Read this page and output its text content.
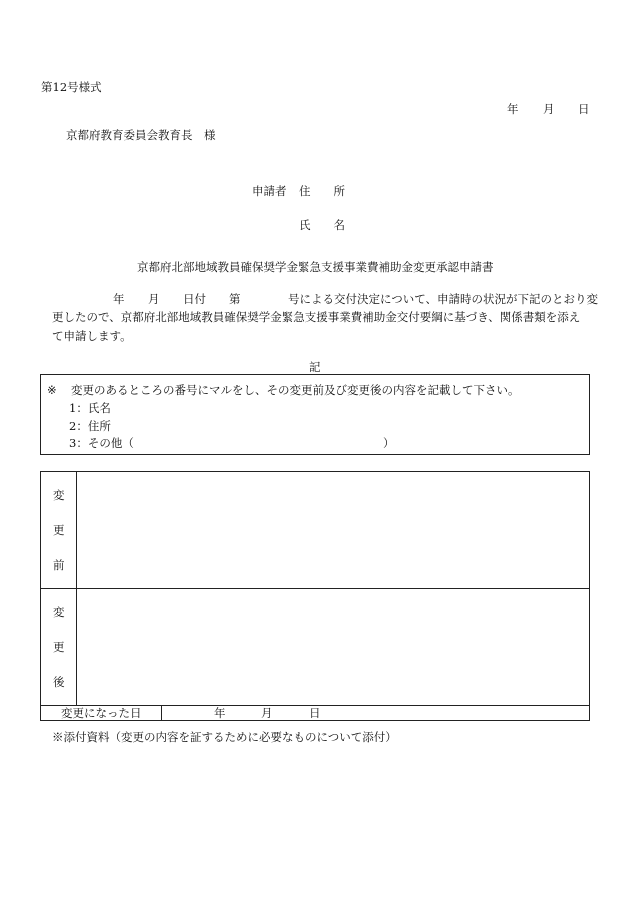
第12号様式
年 月 日
京都府教育委員会教育長　様
申請者 住　　所
氏　　名
京都府北部地域教員確保奨学金緊急支援事業費補助金変更承認申請書
年 月 日付 第	号による交付決定について、申請時の状況が下記のとおり変
更したので、京都府北部地域教員確保奨学金緊急支援事業費補助金交付要綱に基づき、関係書類を添え
て申請します。
記
※ 変更のあるところの番号にマルをし、その変更前及び変更後の内容を記載して下さい。
1：氏名
2：住所
3：その他（	）
変
更
前
変
更
後
変更になった日	年	月	日
※添付資料（変更の内容を証するために必要なものについて添付）
